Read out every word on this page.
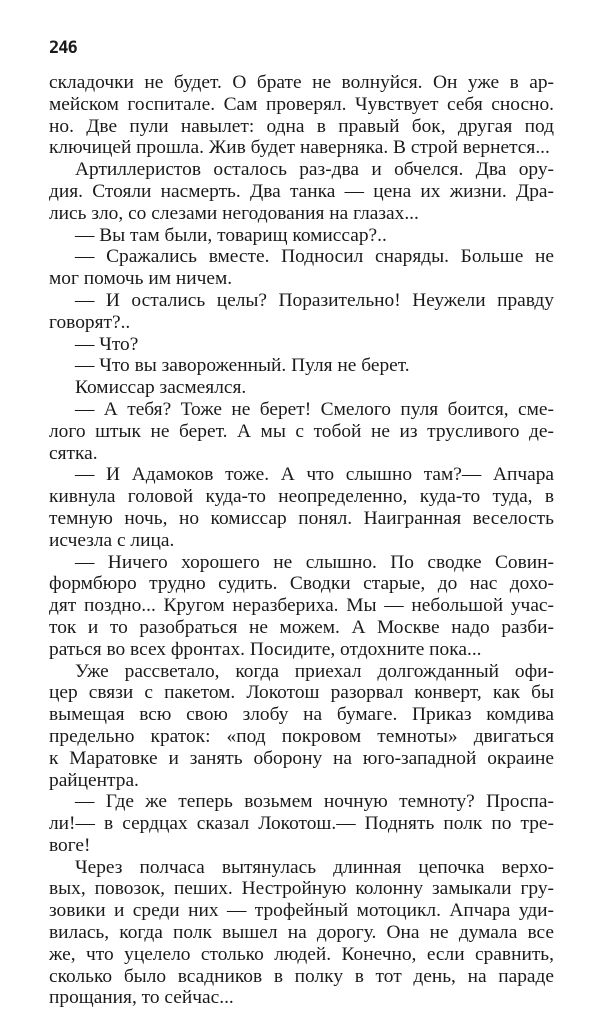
246
складочки не будет. О брате не волнуйся. Он уже в ар-
мейском госпитале. Сам проверял. Чувствует себя сносно.
но. Две пули навылет: одна в правый бок, другая под
ключицей прошла. Жив будет наверняка. В строй вернется...
Артиллеристов осталось раз-два и обчелся. Два ору-
дия. Стояли насмерть. Два танка — цена их жизни. Дра-
лись зло, со слезами негодования на глазах...
— Вы там были, товарищ комиссар?..
— Сражались вместе. Подносил снаряды. Больше не
мог помочь им ничем.
— И остались целы? Поразительно! Неужели правду
говорят?..
— Что?
— Что вы завороженный. Пуля не берет.
Комиссар засмеялся.
— А тебя? Тоже не берет! Смелого пуля боится, сме-
лого штык не берет. А мы с тобой не из трусливого де-
сятка.
— И Адамоков тоже. А что слышно там?— Апчара
кивнула головой куда-то неопределенно, куда-то туда, в
темную ночь, но комиссар понял. Наигранная веселость
исчезла с лица.
— Ничего хорошего не слышно. По сводке Совин-
формбюро трудно судить. Сводки старые, до нас дохо-
дят поздно... Кругом неразбериха. Мы — небольшой учас-
ток и то разобраться не можем. А Москве надо разби-
раться во всех фронтах. Посидите, отдохните пока...
Уже рассветало, когда приехал долгожданный офи-
цер связи с пакетом. Локотош разорвал конверт, как бы
вымещая всю свою злобу на бумаге. Приказ комдива
предельно краток: «под покровом темноты» двигаться
к Маратовке и занять оборону на юго-западной окраине
райцентра.
— Где же теперь возьмем ночную темноту? Проспа-
ли!— в сердцах сказал Локотош.— Поднять полк по тре-
воге!
Через полчаса вытянулась длинная цепочка верхо-
вых, повозок, пеших. Нестройную колонну замыкали гру-
зовики и среди них — трофейный мотоцикл. Апчара уди-
вилась, когда полк вышел на дорогу. Она не думала все
же, что уцелело столько людей. Конечно, если сравнить,
сколько было всадников в полку в тот день, на параде
прощания, то сейчас...
